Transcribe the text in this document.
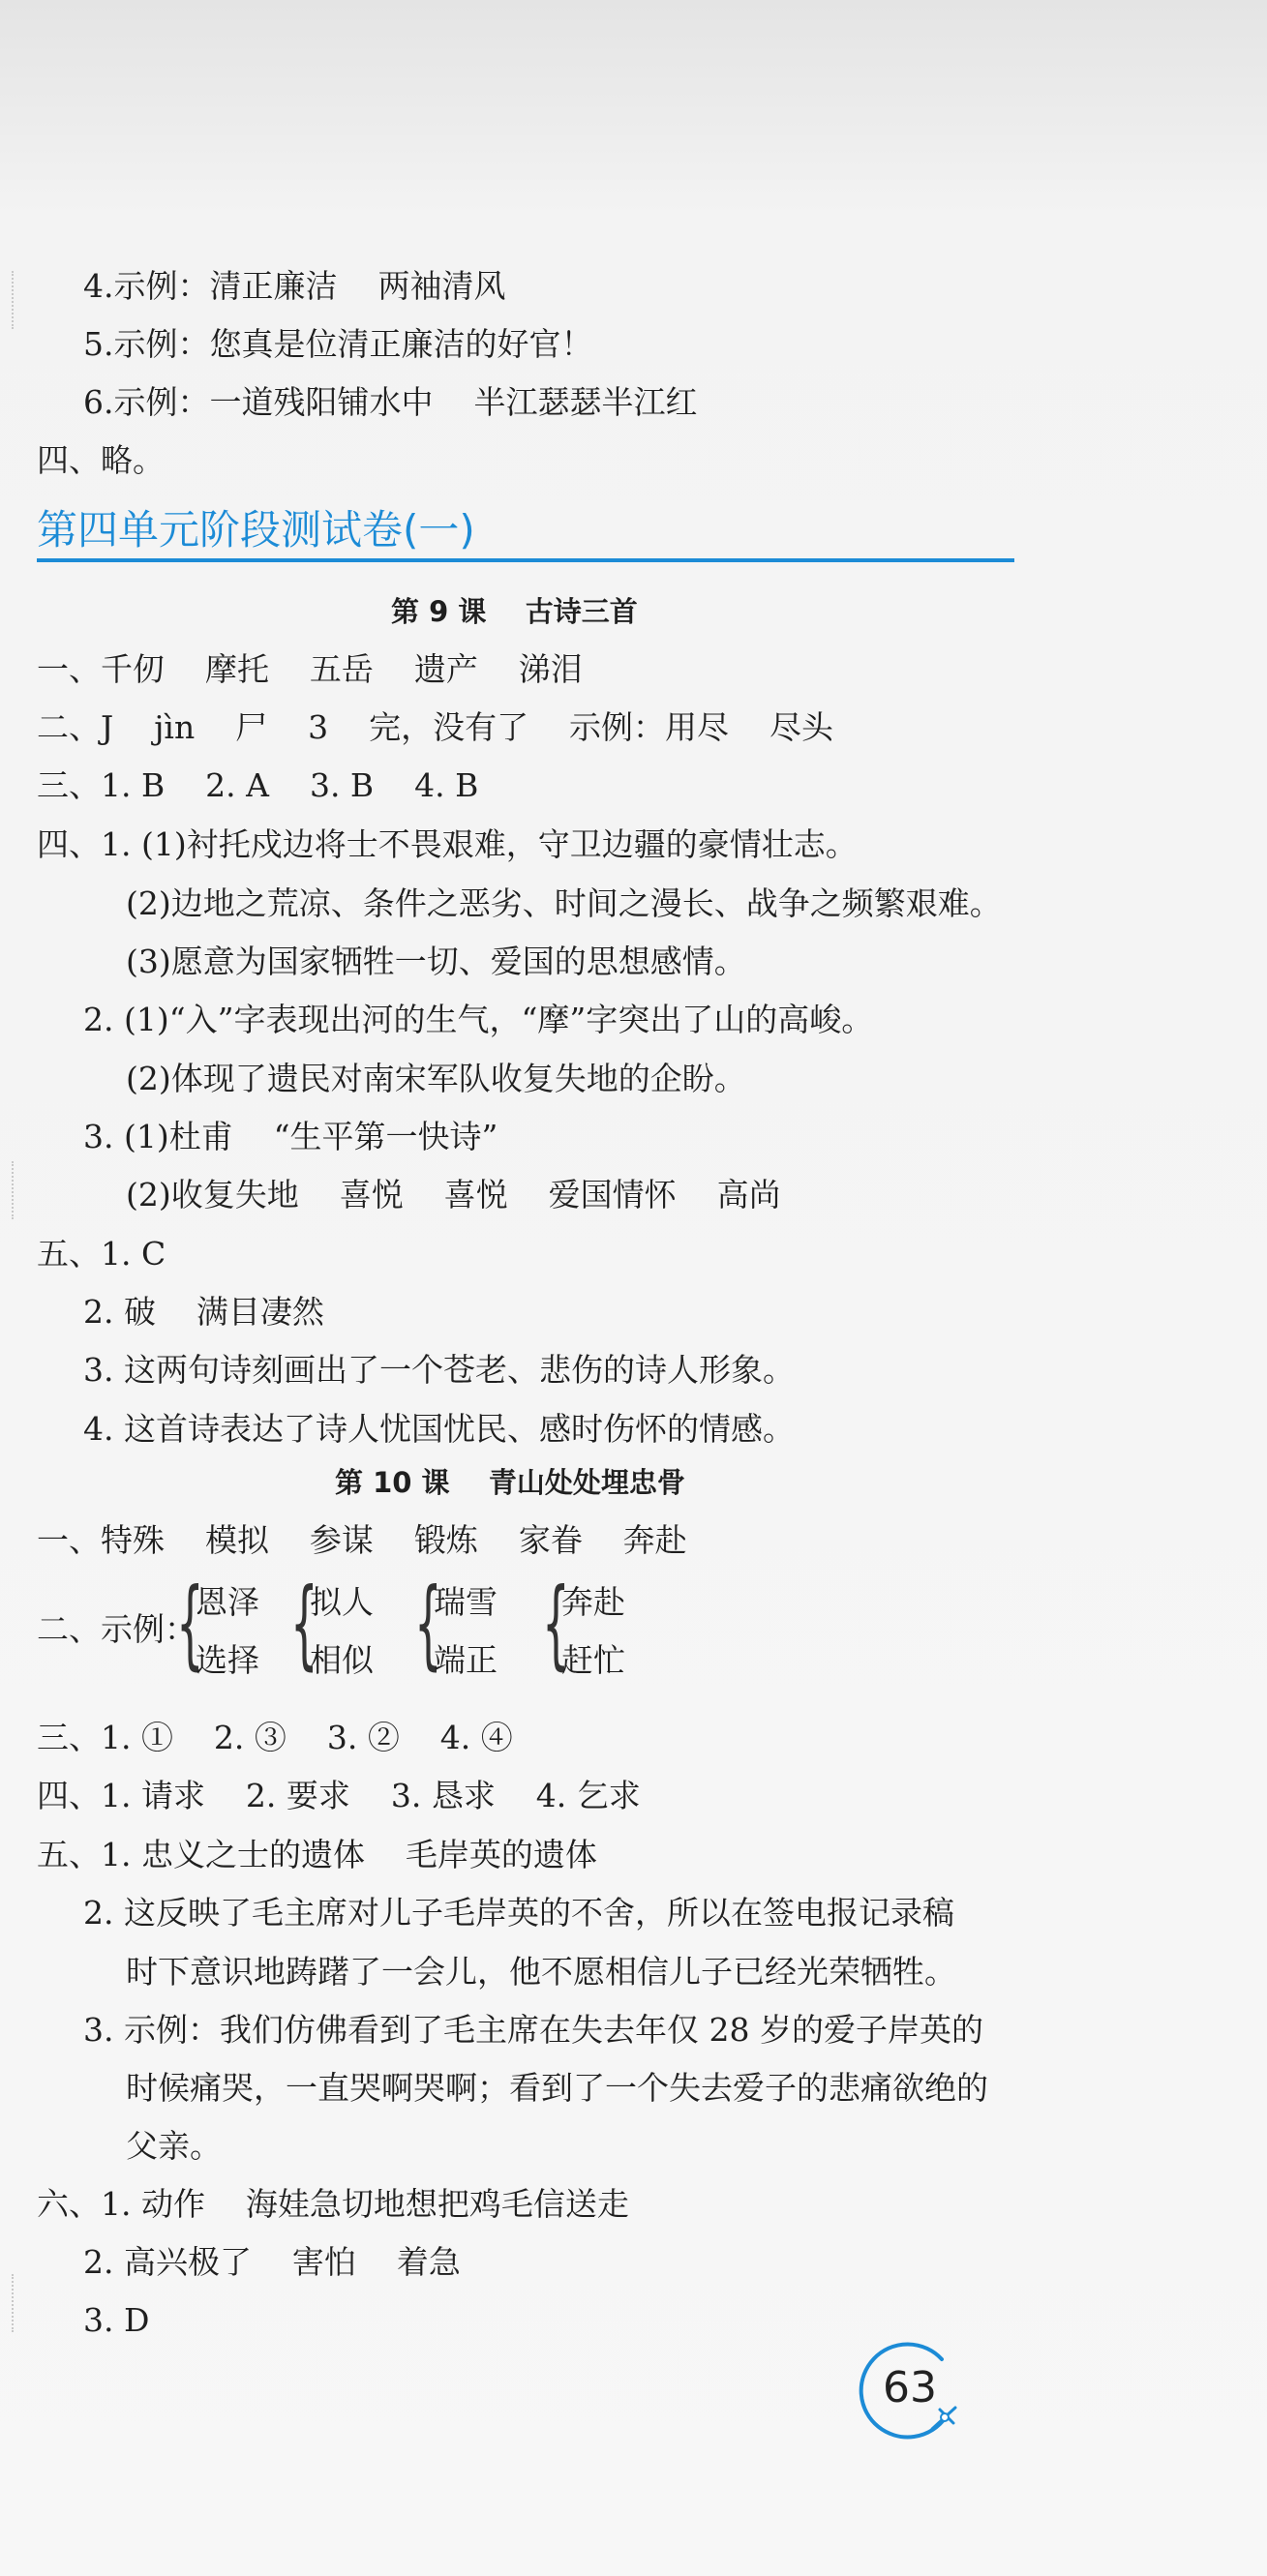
4.示例：清正廉洁    两袖清风
5.示例：您真是位清正廉洁的好官！
6.示例：一道残阳铺水中    半江瑟瑟半江红
四、略。
第四单元阶段测试卷(一)
第 9 课    古诗三首
一、千仞    摩托    五岳    遗产    涕泪
二、J    jìn    尸    3    完，没有了    示例：用尽    尽头
三、1. B    2. A    3. B    4. B
四、1. (1)衬托戍边将士不畏艰难，守卫边疆的豪情壮志。
(2)边地之荒凉、条件之恶劣、时间之漫长、战争之频繁艰难。
(3)愿意为国家牺牲一切、爱国的思想感情。
2. (1)“入”字表现出河的生气，“摩”字突出了山的高峻。
(2)体现了遗民对南宋军队收复失地的企盼。
3. (1)杜甫    “生平第一快诗”
(2)收复失地    喜悦    喜悦    爱国情怀    高尚
五、1. C
2. 破    满目凄然
3. 这两句诗刻画出了一个苍老、悲伤的诗人形象。
4. 这首诗表达了诗人忧国忧民、感时伤怀的情感。
第 10 课    青山处处埋忠骨
一、特殊    模拟    参谋    锻炼    家眷    奔赴
二、示例：
{
恩泽
选择 {
拟人
相似 {
瑞雪
端正 {
奔赴
赶忙
三、1. ①    2. ③    3. ②    4. ④
四、1. 请求    2. 要求    3. 恳求    4. 乞求
五、1. 忠义之士的遗体    毛岸英的遗体
2. 这反映了毛主席对儿子毛岸英的不舍，所以在签电报记录稿
时下意识地踌躇了一会儿，他不愿相信儿子已经光荣牺牲。
3. 示例：我们仿佛看到了毛主席在失去年仅 28 岁的爱子岸英的
时候痛哭，一直哭啊哭啊；看到了一个失去爱子的悲痛欲绝的
父亲。
六、1. 动作    海娃急切地想把鸡毛信送走
2. 高兴极了    害怕    着急
3. D
63
